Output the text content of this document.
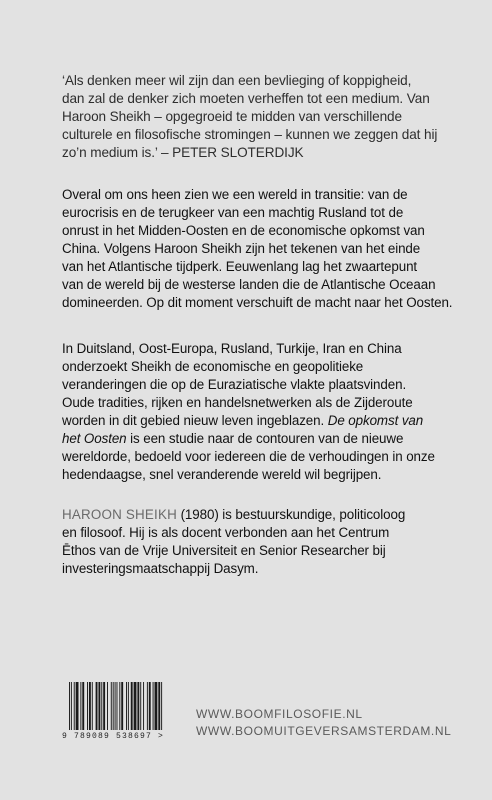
‘Als denken meer wil zijn dan een bevlieging of koppigheid,
dan zal de denker zich moeten verheffen tot een medium. Van
Haroon Sheikh – opgegroeid te midden van verschillende
culturele en filosofische stromingen – kunnen we zeggen dat hij
zo’n medium is.’ – PETER SLOTERDIJK
Overal om ons heen zien we een wereld in transitie: van de
eurocrisis en de terugkeer van een machtig Rusland tot de
onrust in het Midden-Oosten en de economische opkomst van
China. Volgens Haroon Sheikh zijn het tekenen van het einde
van het Atlantische tijdperk. Eeuwenlang lag het zwaartepunt
van de wereld bij de westerse landen die de Atlantische Oceaan
domineerden. Op dit moment verschuift de macht naar het Oosten.
In Duitsland, Oost-Europa, Rusland, Turkije, Iran en China
onderzoekt Sheikh de economische en geopolitieke
veranderingen die op de Euraziatische vlakte plaatsvinden.
Oude tradities, rijken en handelsnetwerken als de Zijderoute
worden in dit gebied nieuw leven ingeblazen. De opkomst van
het Oosten is een studie naar de contouren van de nieuwe
wereldorde, bedoeld voor iedereen die de verhoudingen in onze
hedendaagse, snel veranderende wereld wil begrijpen.
HAROON SHEIKH (1980) is bestuurskundige, politicoloog
en filosoof. Hij is als docent verbonden aan het Centrum
Ēthos van de Vrije Universiteit en Senior Researcher bij
investeringsmaatschappij Dasym.
9 789089 538697 >
WWW.BOOMFILOSOFIE.NL
WWW.BOOMUITGEVERSAMSTERDAM.NL
